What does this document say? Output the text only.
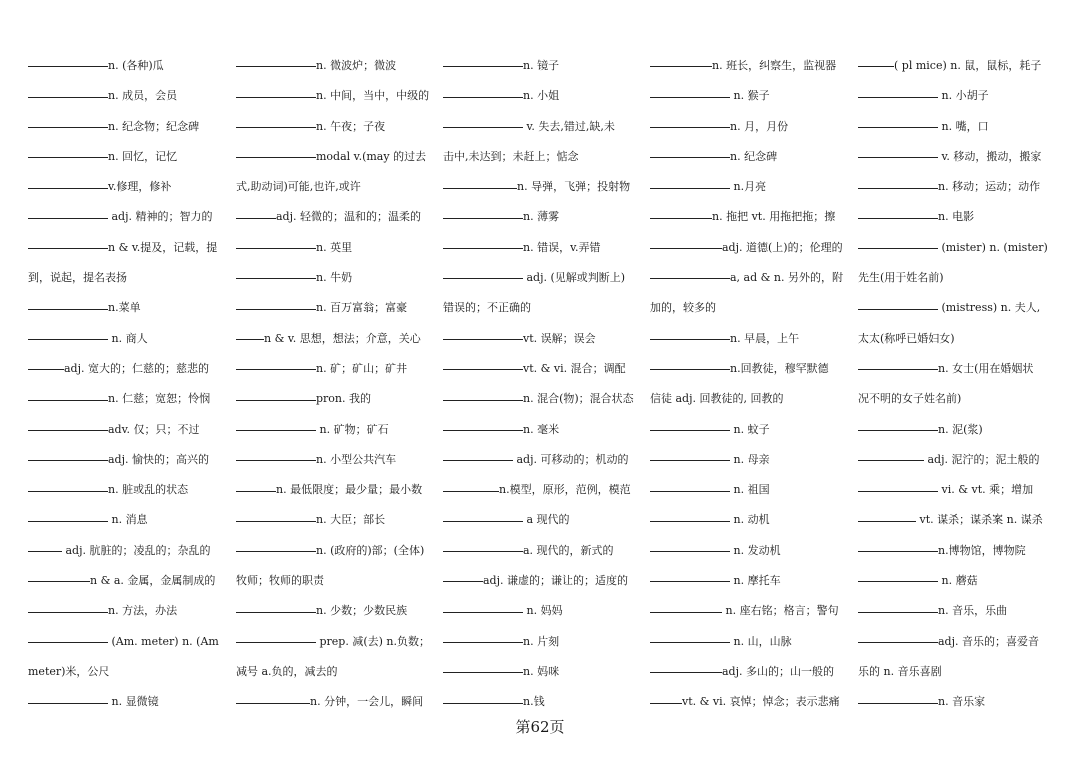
n. (各种)瓜
n. 成员，会员
n. 纪念物；纪念碑
n. 回忆，记忆
v.修理，修补
adj. 精神的；智力的
n & v.提及，记载，提
到，说起，提名表扬
n.菜单
n. 商人
adj. 宽大的；仁慈的；慈悲的
n. 仁慈；宽恕；怜悯
adv. 仅；只；不过
adj. 愉快的；高兴的
n. 脏或乱的状态
n. 消息
adj. 肮脏的；凌乱的；杂乱的
n & a. 金属，金属制成的
n. 方法，办法
(Am. meter) n. (Am
meter)米，公尺
n. 显微镜
n. 微波炉；微波
n. 中间，当中，中级的
n. 午夜；子夜
modal v.(may 的过去
式,助动词)可能,也许,或许
adj. 轻微的；温和的；温柔的
n. 英里
n. 牛奶
n. 百万富翁；富豪
n & v. 思想，想法；介意，关心
n. 矿；矿山；矿井
pron. 我的
n. 矿物；矿石
n. 小型公共汽车
n. 最低限度；最少量；最小数
n. 大臣；部长
n. (政府的)部；(全体)
牧师；牧师的职责
n. 少数；少数民族
prep. 减(去) n.负数；
减号 a.负的，减去的
n. 分钟，一会儿，瞬间
n. 镜子
n. 小姐
v. 失去,错过,缺,未
击中,未达到；未赶上；惦念
n. 导弹，飞弹；投射物
n. 薄雾
n. 错误，v.弄错
adj. (见解或判断上)
错误的；不正确的
vt. 误解；误会
vt. & vi. 混合；调配
n. 混合(物)；混合状态
n. 毫米
adj. 可移动的；机动的
n.模型，原形，范例，模范
a 现代的
a. 现代的，新式的
adj. 谦虚的；谦让的；适度的
n. 妈妈
n. 片刻
n. 妈咪
n.钱
n. 班长，纠察生，监视器
n. 猴子
n. 月，月份
n. 纪念碑
n.月亮
n. 拖把 vt. 用拖把拖；擦
adj. 道德(上)的；伦理的
a, ad & n. 另外的，附
加的，较多的
n. 早晨，上午
n.回教徒，穆罕默德
信徒 adj. 回教徒的, 回教的
n. 蚊子
n. 母亲
n. 祖国
n. 动机
n. 发动机
n. 摩托车
n. 座右铭；格言；警句
n. 山，山脉
adj. 多山的；山一般的
vt. & vi. 哀悼；悼念；表示悲痛
( pl mice) n. 鼠，鼠标，耗子
n. 小胡子
n. 嘴，口
v. 移动，搬动，搬家
n. 移动；运动；动作
n. 电影
(mister) n. (mister)
先生(用于姓名前)
(mistress) n. 夫人,
太太(称呼已婚妇女)
n. 女士(用在婚姻状
况不明的女子姓名前)
n. 泥(浆)
adj. 泥泞的；泥土般的
vi. & vt. 乘；增加
vt. 谋杀；谋杀案 n. 谋杀
n.博物馆，博物院
n. 蘑菇
n. 音乐，乐曲
adj. 音乐的；喜爱音
乐的 n. 音乐喜剧
n. 音乐家
第62页
